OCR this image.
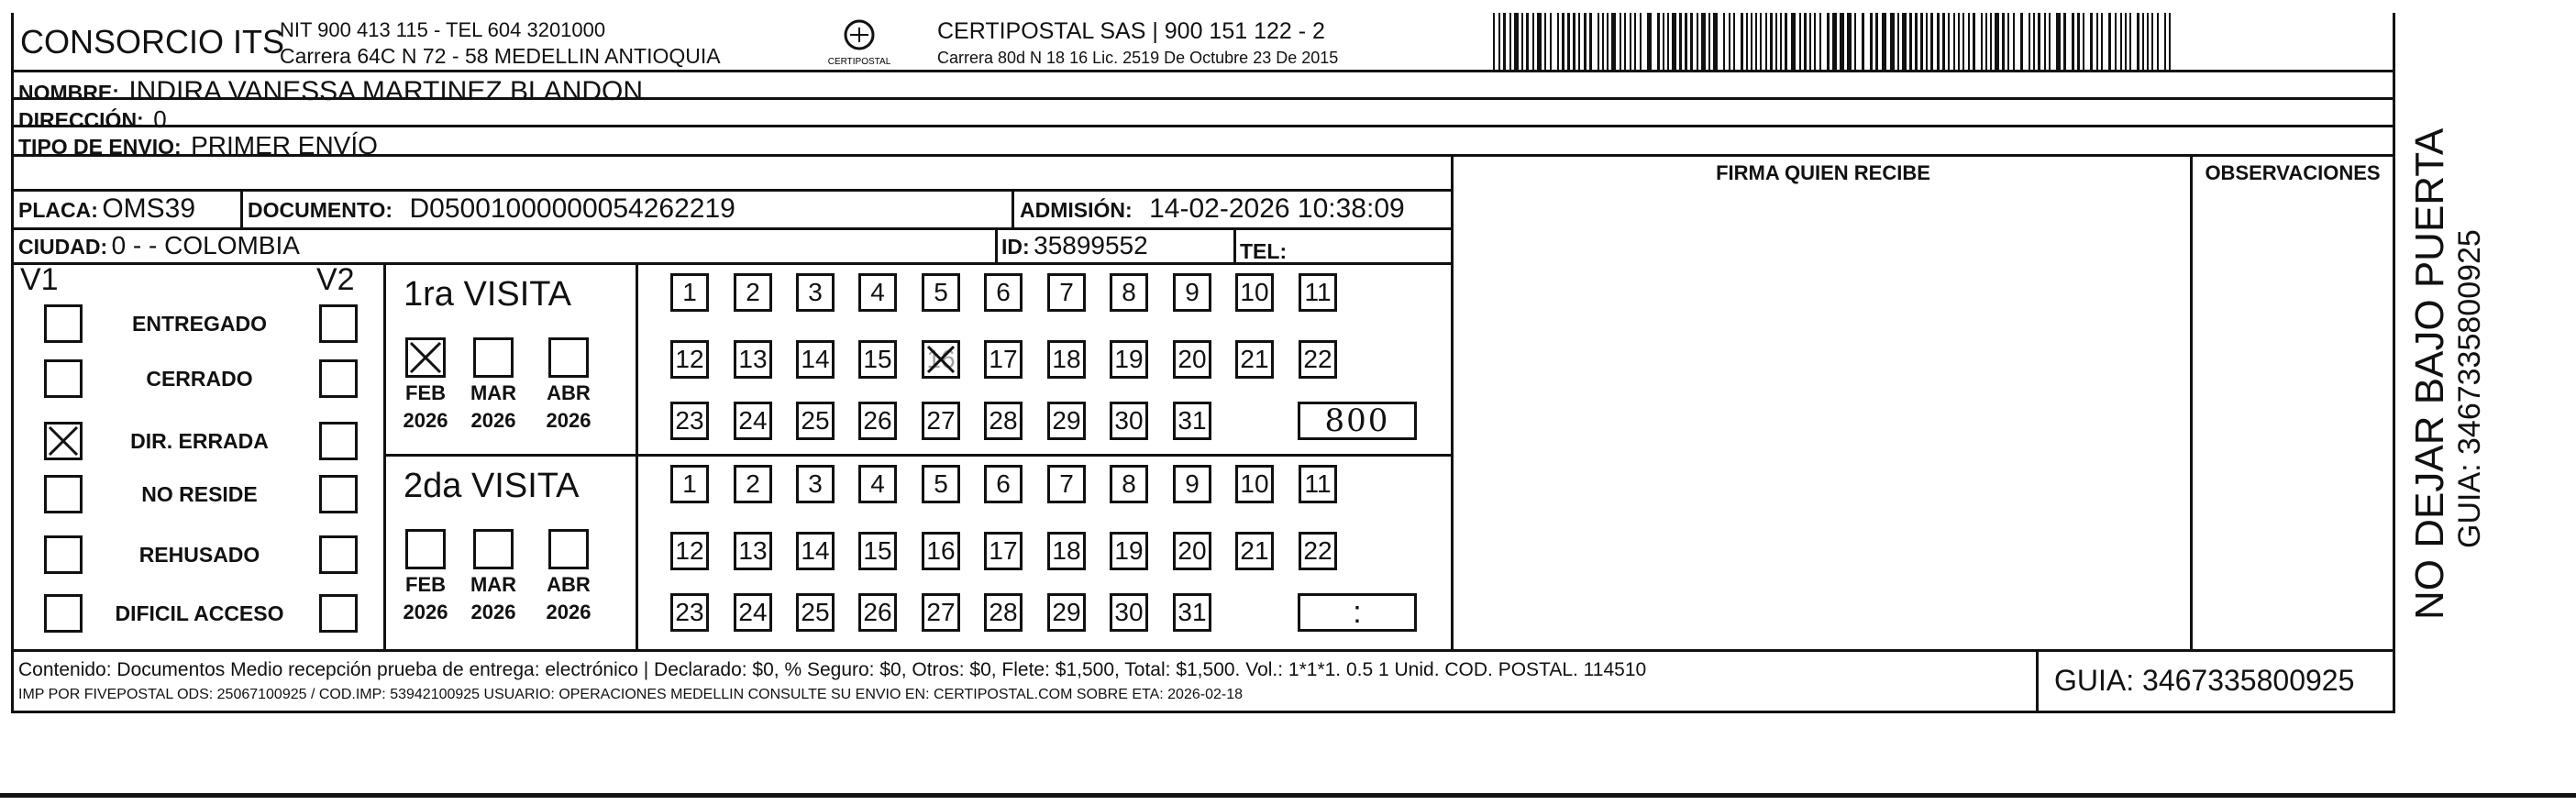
CONSORCIO ITS
NIT 900 413 115 - TEL 604 3201000
Carrera 64C N 72 - 58 MEDELLIN ANTIOQUIA	CERTIPOSTAL
CERTIPOSTAL SAS | 900 151 122 - 2
Carrera 80d N 18 16 Lic. 2519 De Octubre 23 De 2015
NOMBRE: INDIRA VANESSA MARTINEZ BLANDON
DIRECCIÓN: 0
TIPO DE ENVIO: PRIMER ENVÍO
FIRMA QUIEN RECIBE	OBSERVACIONES
PLACA: OMS39 DOCUMENTO: D05001000000054262219	ADMISIÓN: 14-02-2026 10:38:09
CIUDAD: 0 - - COLOMBIA	ID: 35899552	TEL:
V1	V2
ENTREGADO
CERRADO
DIR. ERRADA
NO RESIDE
REHUSADO
DIFICIL ACCESO
1ra VISITA
FEB
2026
MAR
2026
ABR
2026
1 2 3 4 5 6 7 8 9 10 11
12 13 14 15 16 17 18 19 20 21 22
23 24 25 26 27 28 29 30 31	800
2da VISITA
FEB
2026
MAR
2026
ABR
2026
1 2 3 4 5 6 7 8 9 10 11
12 13 14 15 16 17 18 19 20 21 22
23 24 25 26 27 28 29 30 31	:
Contenido: Documentos Medio recepción prueba de entrega: electrónico | Declarado: $0, % Seguro: $0, Otros: $0, Flete: $1,500, Total: $1,500. Vol.: 1*1*1. 0.5 1 Unid. COD. POSTAL. 114510
IMP POR FIVEPOSTAL ODS: 25067100925 / COD.IMP: 53942100925 USUARIO: OPERACIONES MEDELLIN CONSULTE SU ENVIO EN: CERTIPOSTAL.COM SOBRE ETA: 2026-02-18	GUIA: 3467335800925
NO DEJAR BAJO PUERTA GUIA: 3467335800925
